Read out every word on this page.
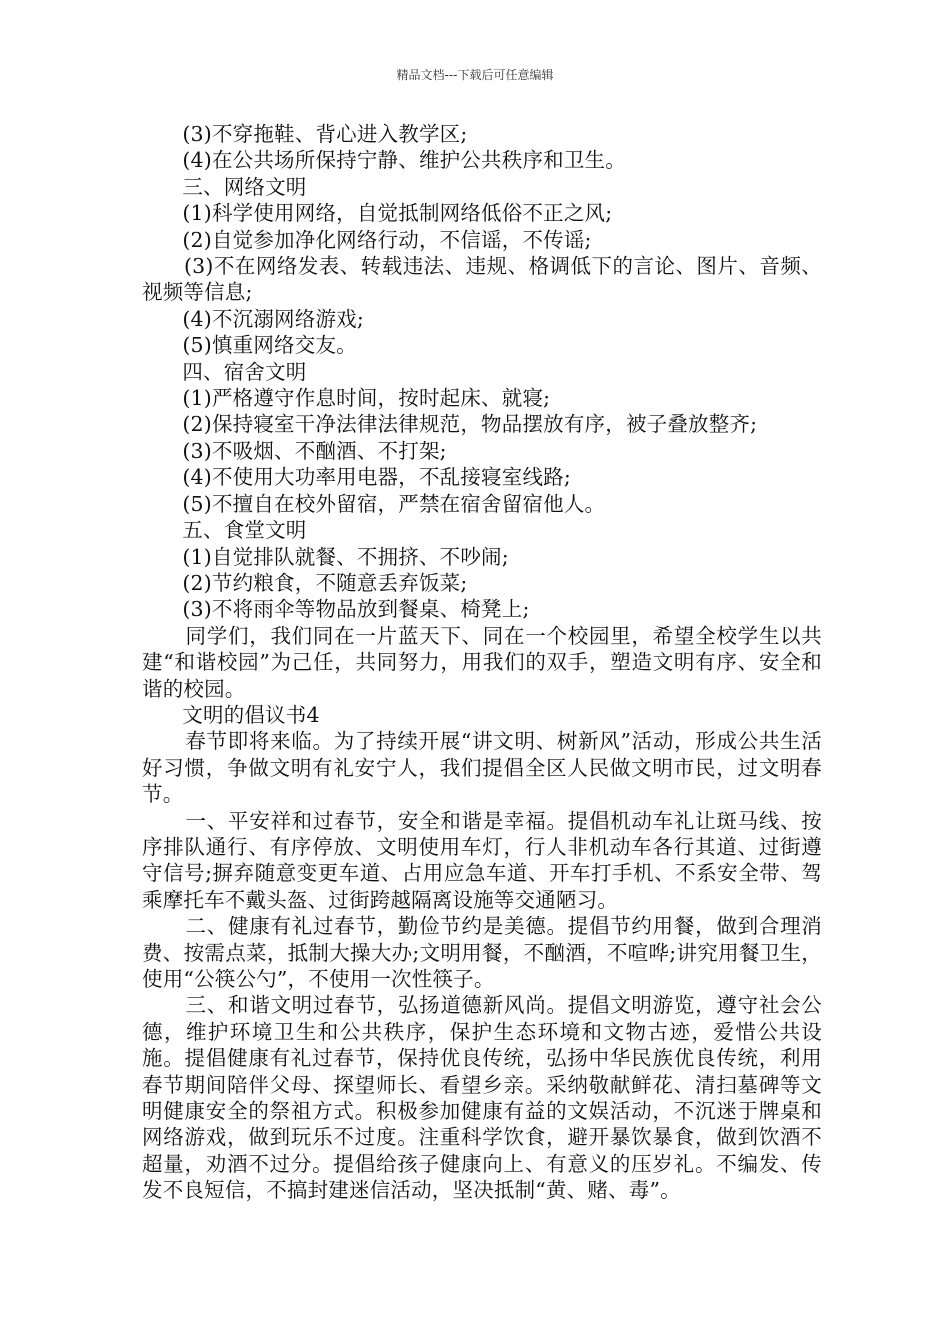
精品文档---下载后可任意编辑

(3)不穿拖鞋、背心进入教学区;

(4)在公共场所保持宁静、维护公共秩序和卫生。

三、网络文明

(1)科学使用网络，自觉抵制网络低俗不正之风;

(2)自觉参加净化网络行动，不信谣，不传谣;

(3)不在网络发表、转载违法、违规、格调低下的言论、图片、音频、视频等信息;

(4)不沉溺网络游戏;

(5)慎重网络交友。

四、宿舍文明

(1)严格遵守作息时间，按时起床、就寝;

(2)保持寝室干净法律法律规范，物品摆放有序，被子叠放整齐;

(3)不吸烟、不酗酒、不打架;

(4)不使用大功率用电器，不乱接寝室线路;

(5)不擅自在校外留宿，严禁在宿舍留宿他人。

五、食堂文明

(1)自觉排队就餐、不拥挤、不吵闹;

(2)节约粮食，不随意丢弃饭菜;

(3)不将雨伞等物品放到餐桌、椅凳上;

同学们，我们同在一片蓝天下、同在一个校园里，希望全校学生以共建“和谐校园”为己任，共同努力，用我们的双手，塑造文明有序、安全和谐的校园。

文明的倡议书4

春节即将来临。为了持续开展“讲文明、树新风”活动，形成公共生活好习惯，争做文明有礼安宁人，我们提倡全区人民做文明市民，过文明春节。

一、平安祥和过春节，安全和谐是幸福。提倡机动车礼让斑马线、按序排队通行、有序停放、文明使用车灯，行人非机动车各行其道、过街遵守信号;摒弃随意变更车道、占用应急车道、开车打手机、不系安全带、驾乘摩托车不戴头盔、过街跨越隔离设施等交通陋习。

二、健康有礼过春节，勤俭节约是美德。提倡节约用餐，做到合理消费、按需点菜，抵制大操大办;文明用餐，不酗酒，不喧哗;讲究用餐卫生，使用“公筷公勺”，不使用一次性筷子。

三、和谐文明过春节，弘扬道德新风尚。提倡文明游览，遵守社会公德，维护环境卫生和公共秩序，保护生态环境和文物古迹，爱惜公共设施。提倡健康有礼过春节，保持优良传统，弘扬中华民族优良传统，利用春节期间陪伴父母、探望师长、看望乡亲。采纳敬献鲜花、清扫墓碑等文明健康安全的祭祖方式。积极参加健康有益的文娱活动，不沉迷于牌桌和网络游戏，做到玩乐不过度。注重科学饮食，避开暴饮暴食，做到饮酒不超量，劝酒不过分。提倡给孩子健康向上、有意义的压岁礼。不编发、传发不良短信，不搞封建迷信活动，坚决抵制“黄、赌、毒”。
